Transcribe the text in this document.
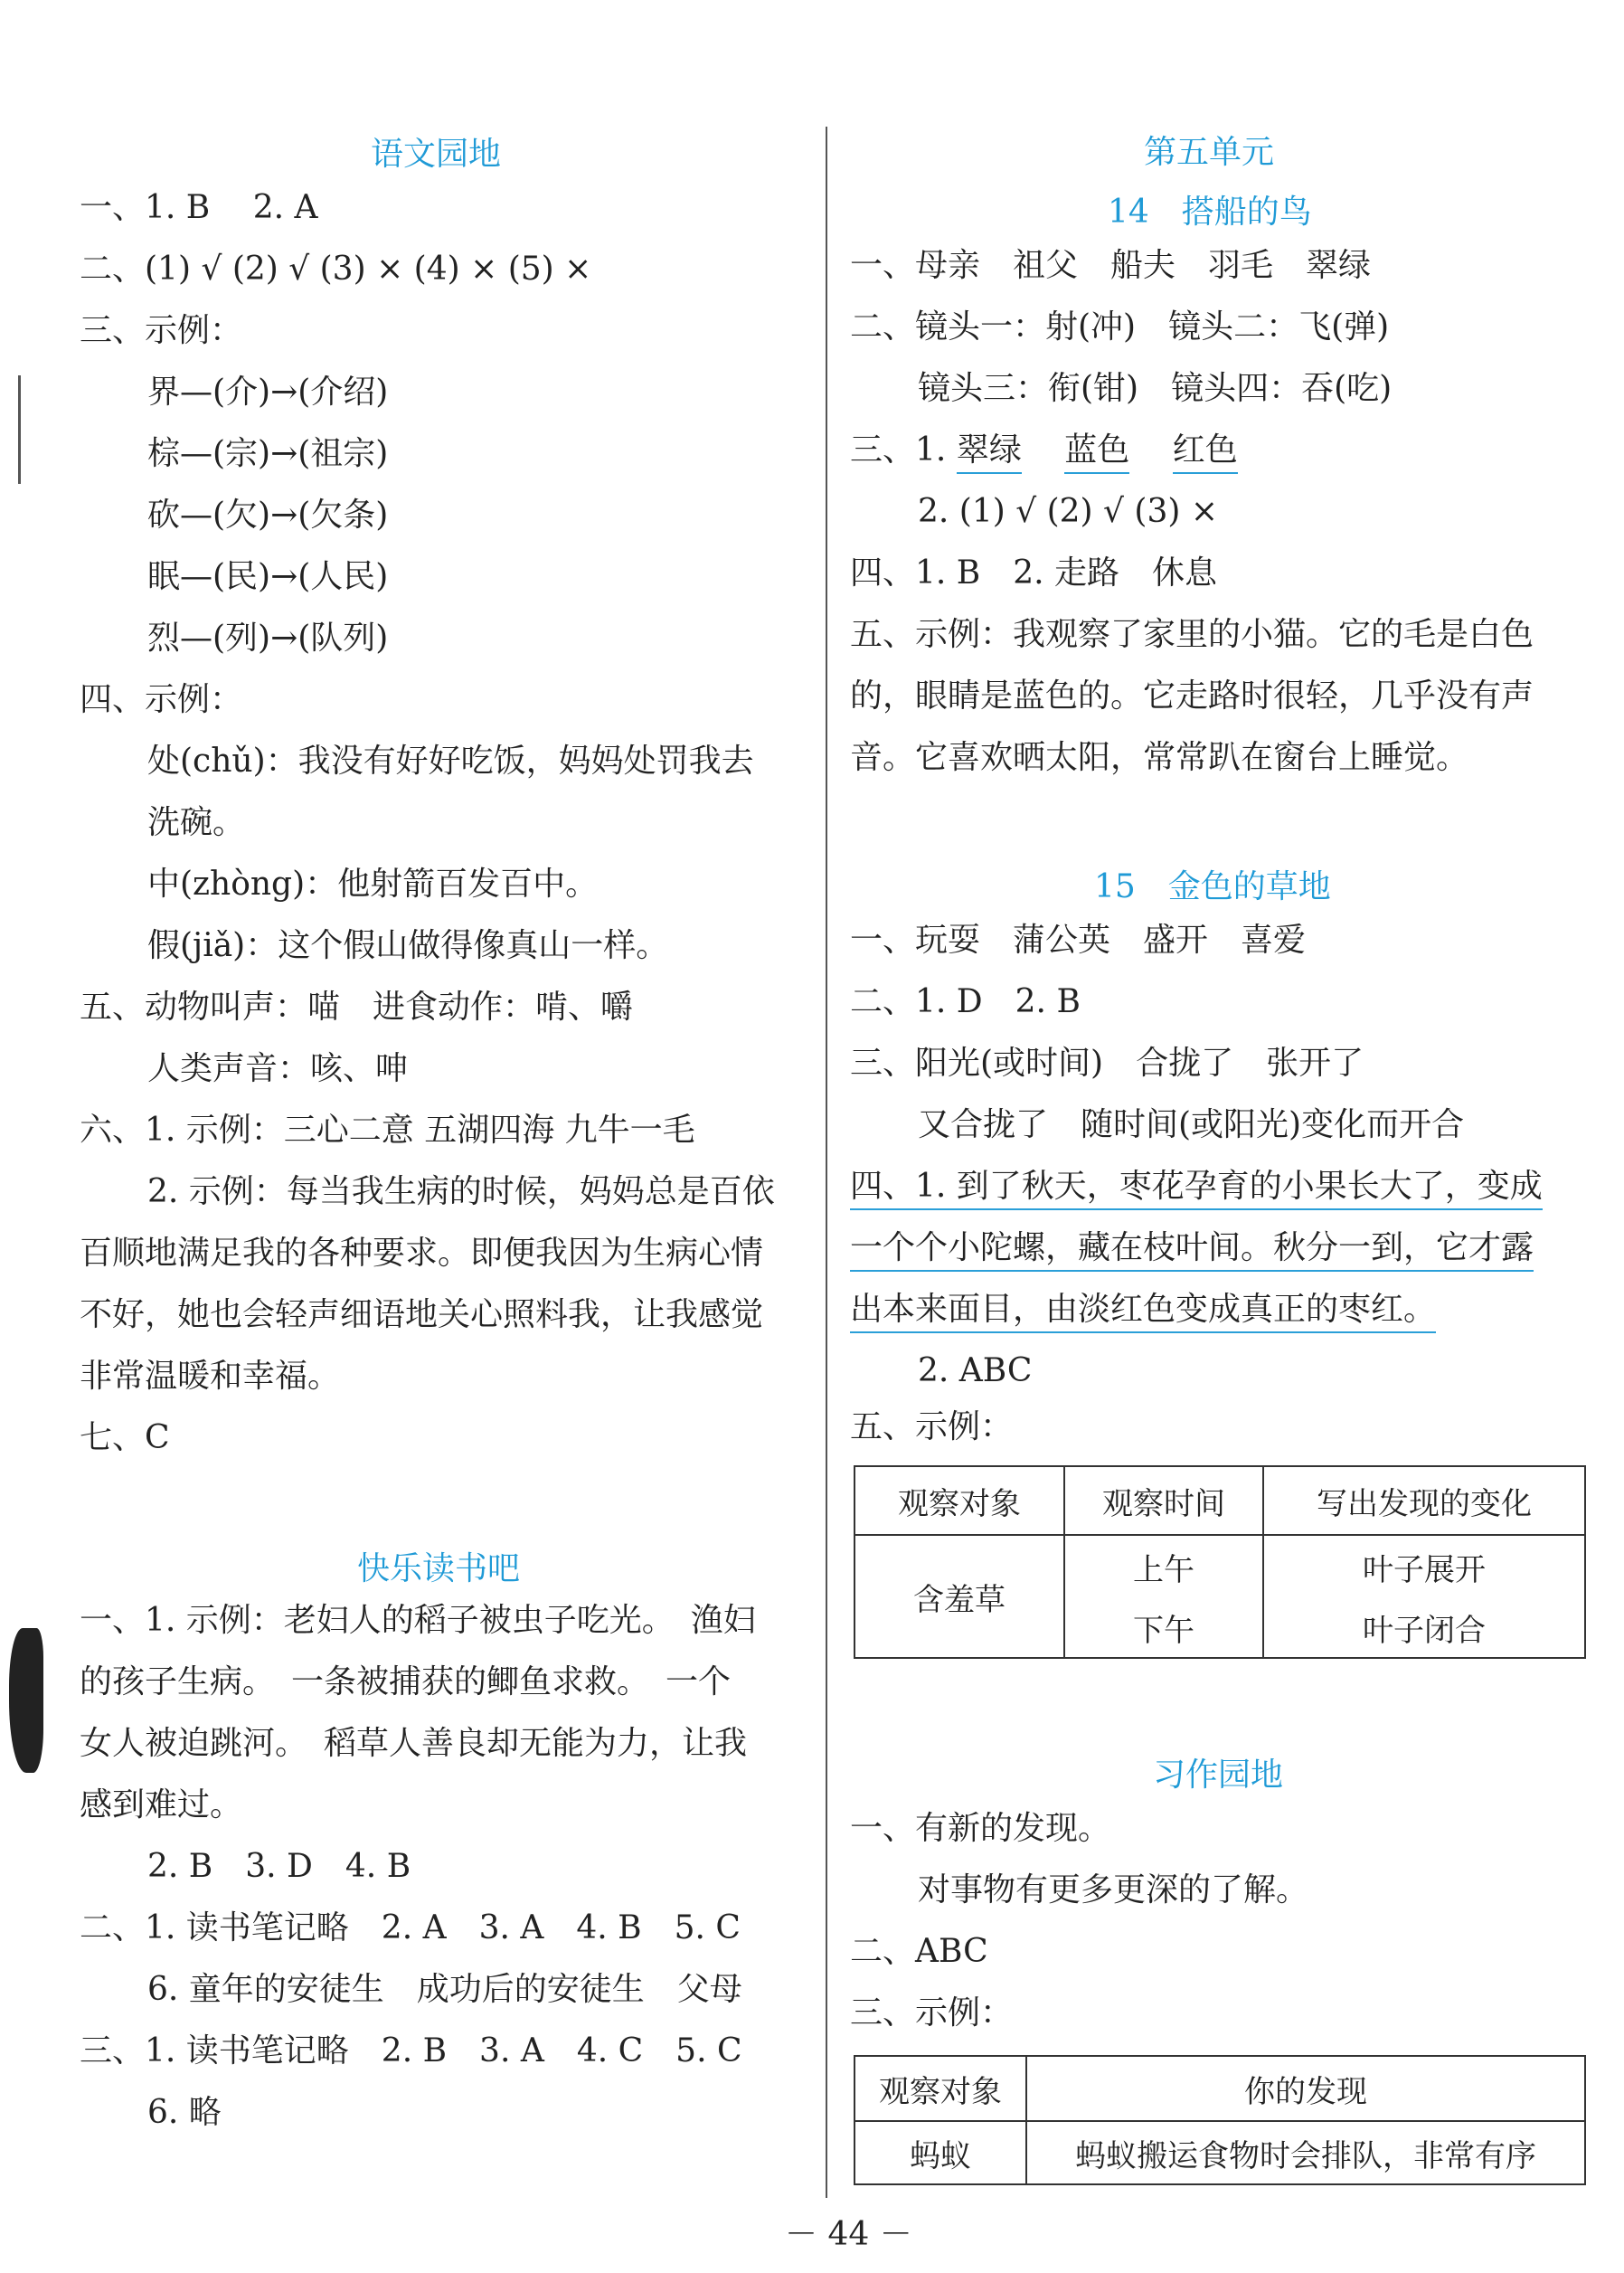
语文园地
一、1. B　 2. A
二、(1) √ (2) √ (3) × (4) × (5) ×
三、示例：
界—(介)→(介绍)
棕—(宗)→(祖宗)
砍—(欠)→(欠条)
眠—(民)→(人民)
烈—(列)→(队列)
四、示例：
处(chǔ)：我没有好好吃饭，妈妈处罚我去
洗碗。
中(zhòng)：他射箭百发百中。
假(jiǎ)：这个假山做得像真山一样。
五、动物叫声：喵　进食动作：啃、嚼
人类声音：咳、呻
六、1. 示例：三心二意 五湖四海 九牛一毛
2. 示例：每当我生病的时候，妈妈总是百依
百顺地满足我的各种要求。即便我因为生病心情
不好，她也会轻声细语地关心照料我，让我感觉
非常温暖和幸福。
七、C
快乐读书吧
一、1. 示例：老妇人的稻子被虫子吃光。　渔妇
的孩子生病。　一条被捕获的鲫鱼求救。　一个
女人被迫跳河。　稻草人善良却无能为力，让我
感到难过。
2. B　3. D　4. B
二、1. 读书笔记略　2. A　3. A　4. B　5. C
6. 童年的安徒生　成功后的安徒生　父母
三、1. 读书笔记略　2. B　3. A　4. C　5. C
6. 略
第五单元
14　搭船的鸟
一、母亲　祖父　船夫　羽毛　翠绿
二、镜头一：射(冲)　镜头二：飞(弹)
镜头三：衔(钳)　镜头四：吞(吃)
三、1. 翠绿　 蓝色　 红色
2. (1) √ (2) √ (3) ×
四、1. B　2. 走路　休息
五、示例：我观察了家里的小猫。它的毛是白色
的，眼睛是蓝色的。它走路时很轻，几乎没有声
音。它喜欢晒太阳，常常趴在窗台上睡觉。
15　金色的草地
一、玩耍　蒲公英　盛开　喜爱
二、1. D　2. B
三、阳光(或时间)　合拢了　张开了
又合拢了　随时间(或阳光)变化而开合
四、1. 到了秋天，枣花孕育的小果长大了，变成
一个个小陀螺，藏在枝叶间。秋分一到，它才露
出本来面目，由淡红色变成真正的枣红。
2. ABC
五、示例：
观察对象	观察时间	写出发现的变化
含羞草	上午	叶子展开
	下午	叶子闭合
习作园地
一、有新的发现。
对事物有更多更深的了解。
二、ABC
三、示例：
观察对象	你的发现
蚂蚁	蚂蚁搬运食物时会排队，非常有序
－ 44 －
